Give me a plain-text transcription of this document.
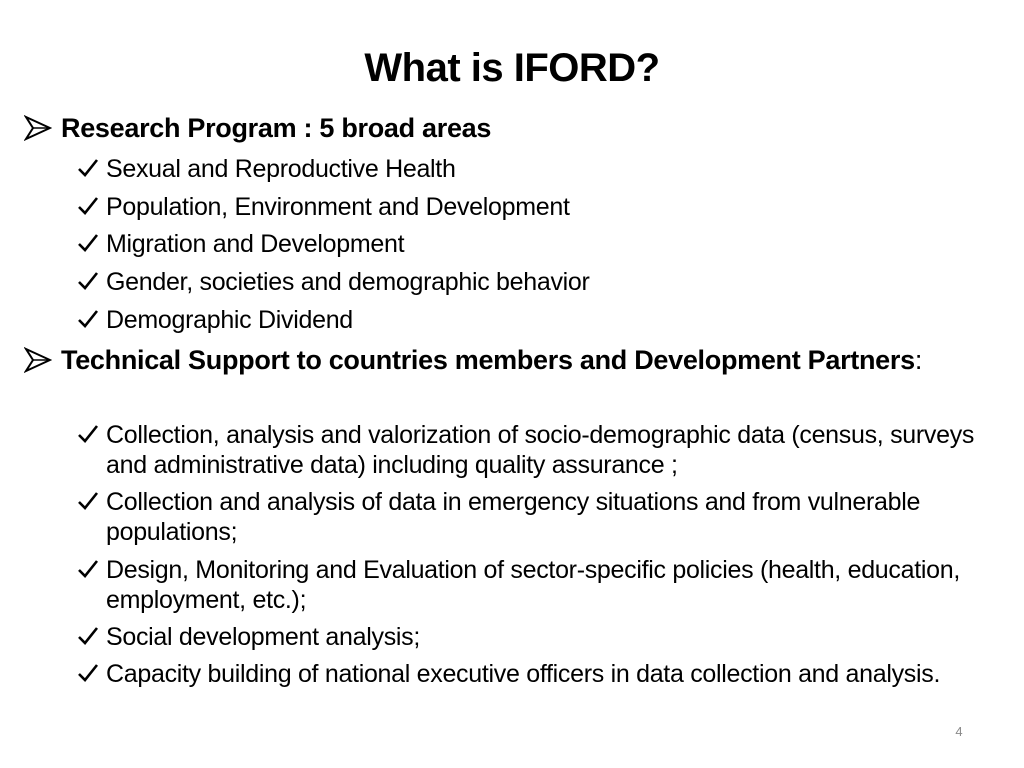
What is IFORD?
Research Program : 5 broad areas
Sexual and Reproductive Health
Population, Environment and Development
Migration and Development
Gender, societies and demographic behavior
Demographic Dividend
Technical Support to countries members and Development Partners:
Collection, analysis and valorization of socio-demographic data (census, surveys and administrative data) including quality assurance ;
Collection and analysis of data in emergency situations and from vulnerable populations;
Design, Monitoring and Evaluation of sector-specific policies (health, education, employment, etc.);
Social development analysis;
Capacity building of national executive officers in data collection and analysis.
4
